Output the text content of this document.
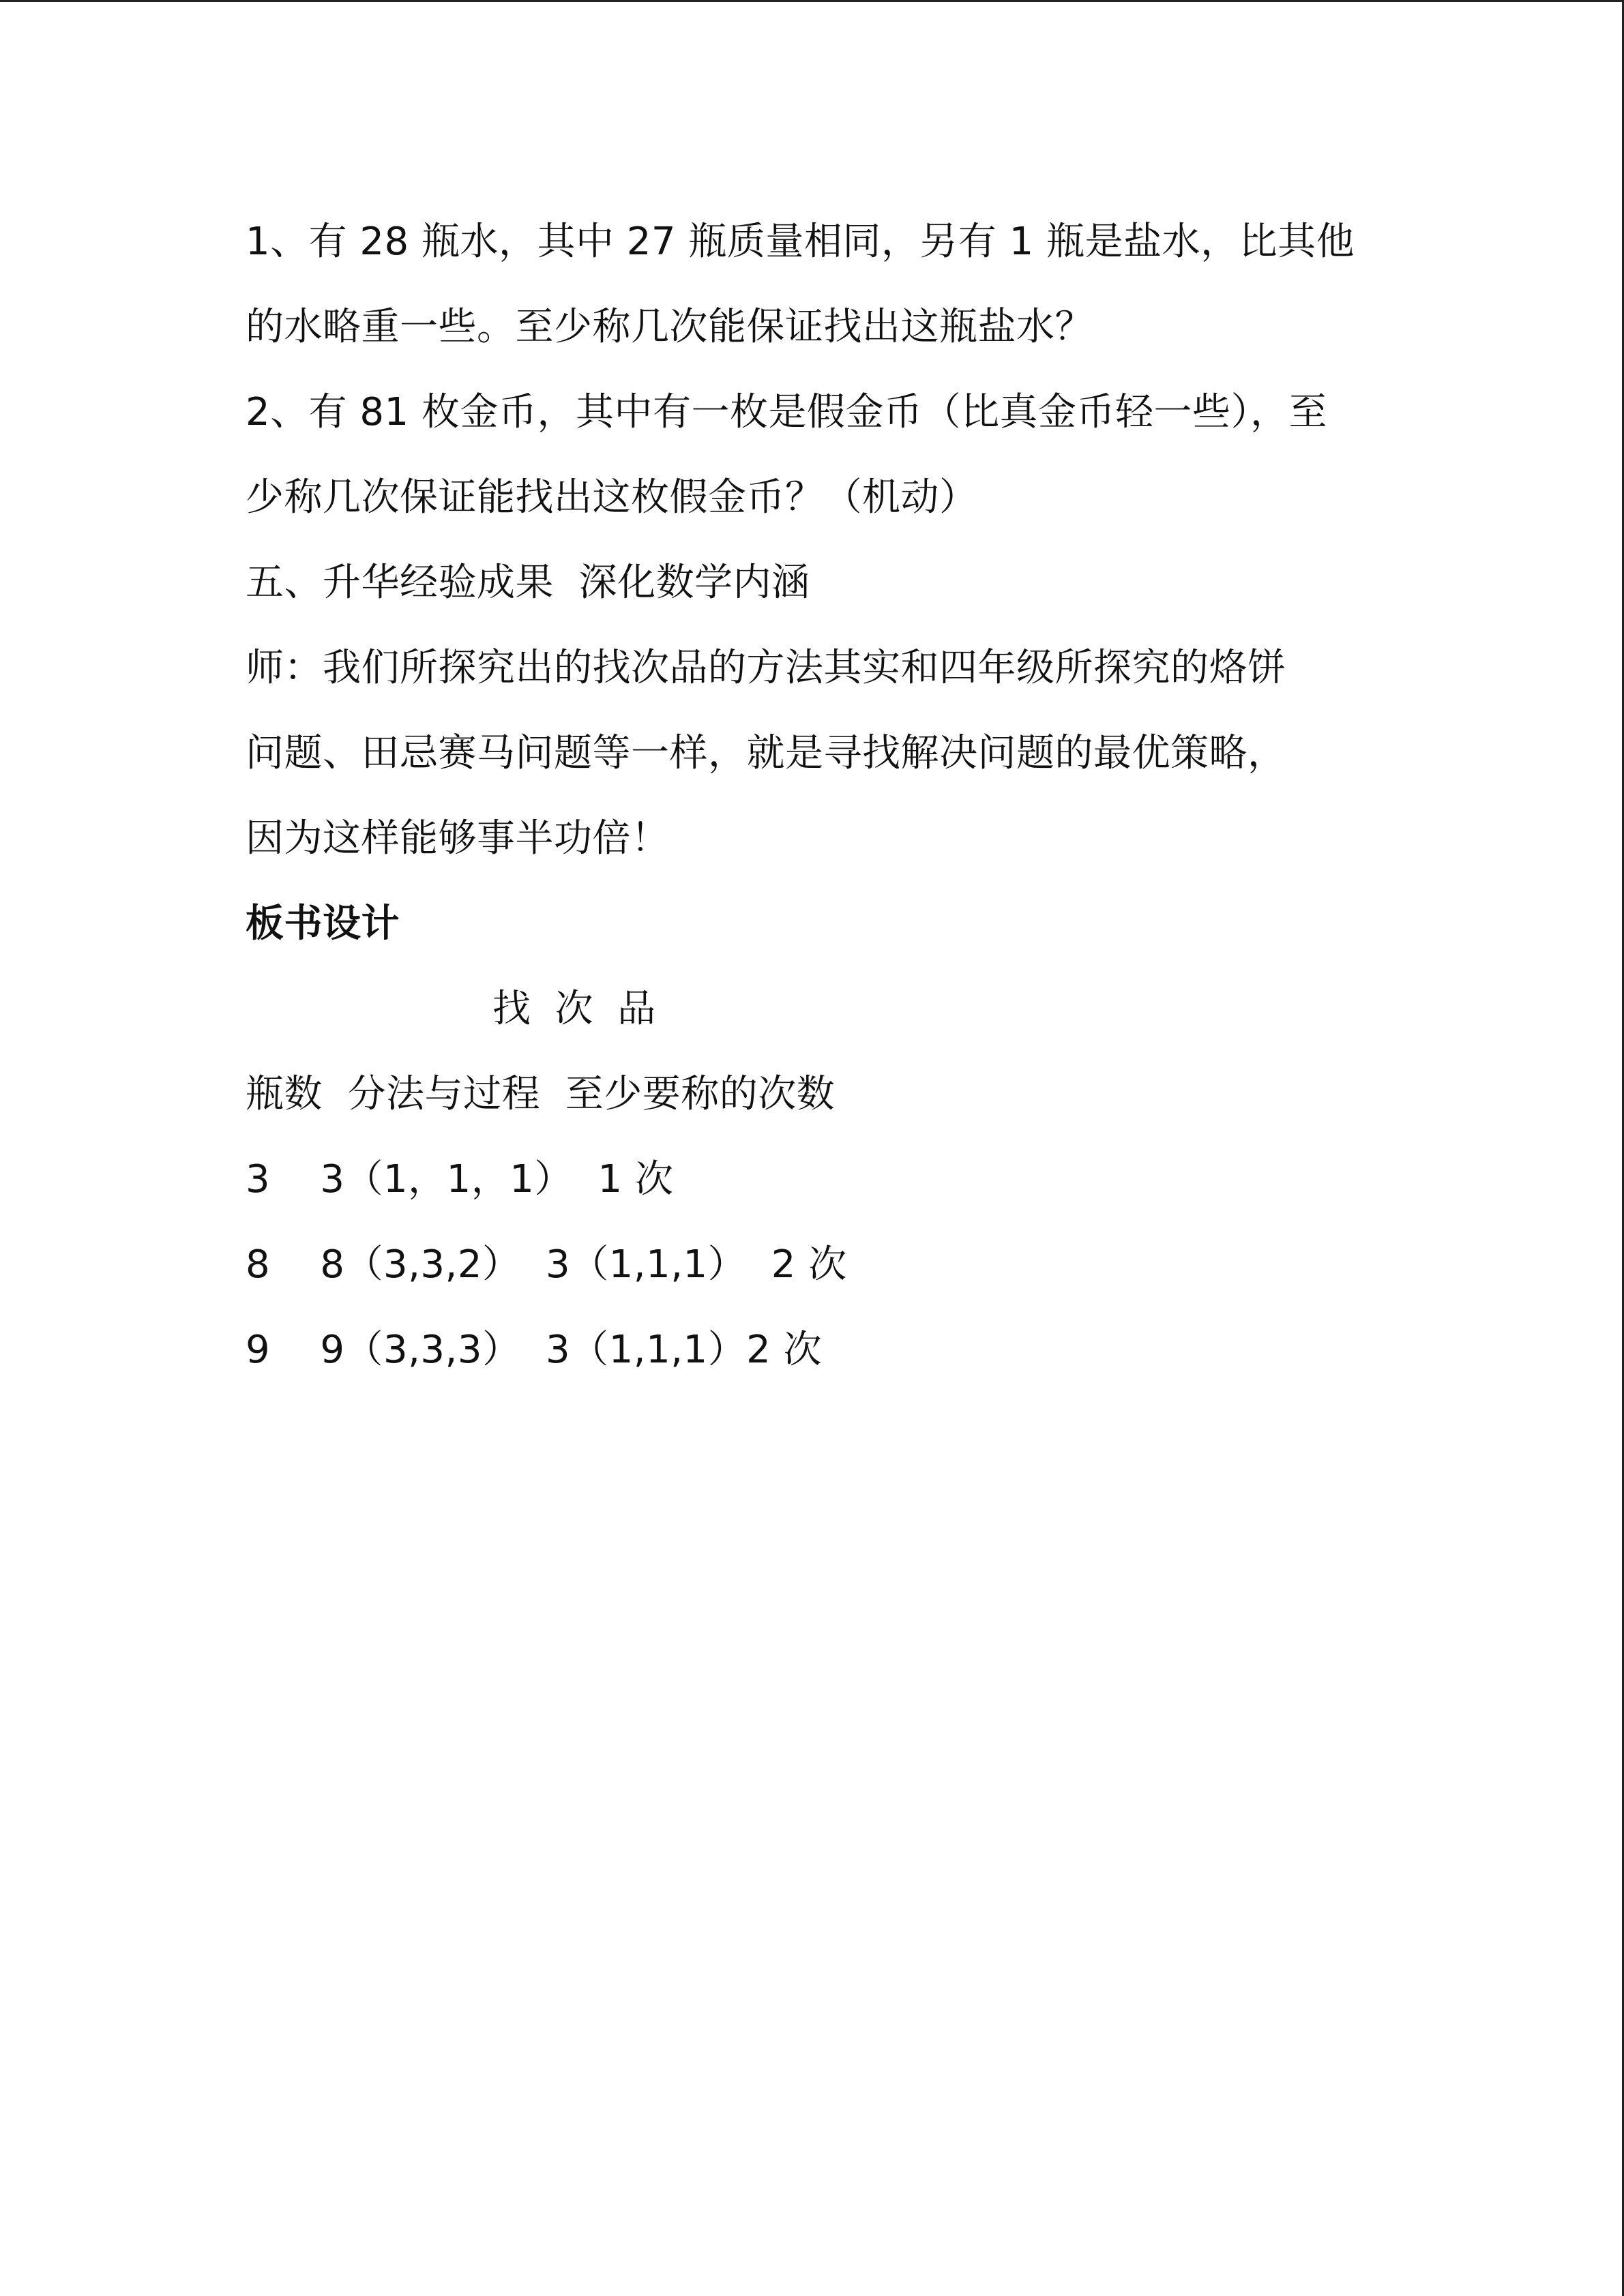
1、有 28 瓶水，其中 27 瓶质量相同，另有 1 瓶是盐水，比其他
的水略重一些。至少称几次能保证找出这瓶盐水？
2、有 81 枚金币，其中有一枚是假金币（比真金币轻一些），至
少称几次保证能找出这枚假金币？（机动）
五、升华经验成果  深化数学内涵
师：我们所探究出的找次品的方法其实和四年级所探究的烙饼
问题、田忌赛马问题等一样，就是寻找解决问题的最优策略，
因为这样能够事半功倍！
板书设计
找  次  品
瓶数  分法与过程  至少要称的次数
3    3（1，1，1）  1 次
8    8（3,3,2）  3（1,1,1）  2 次
9    9（3,3,3）  3（1,1,1）2 次
